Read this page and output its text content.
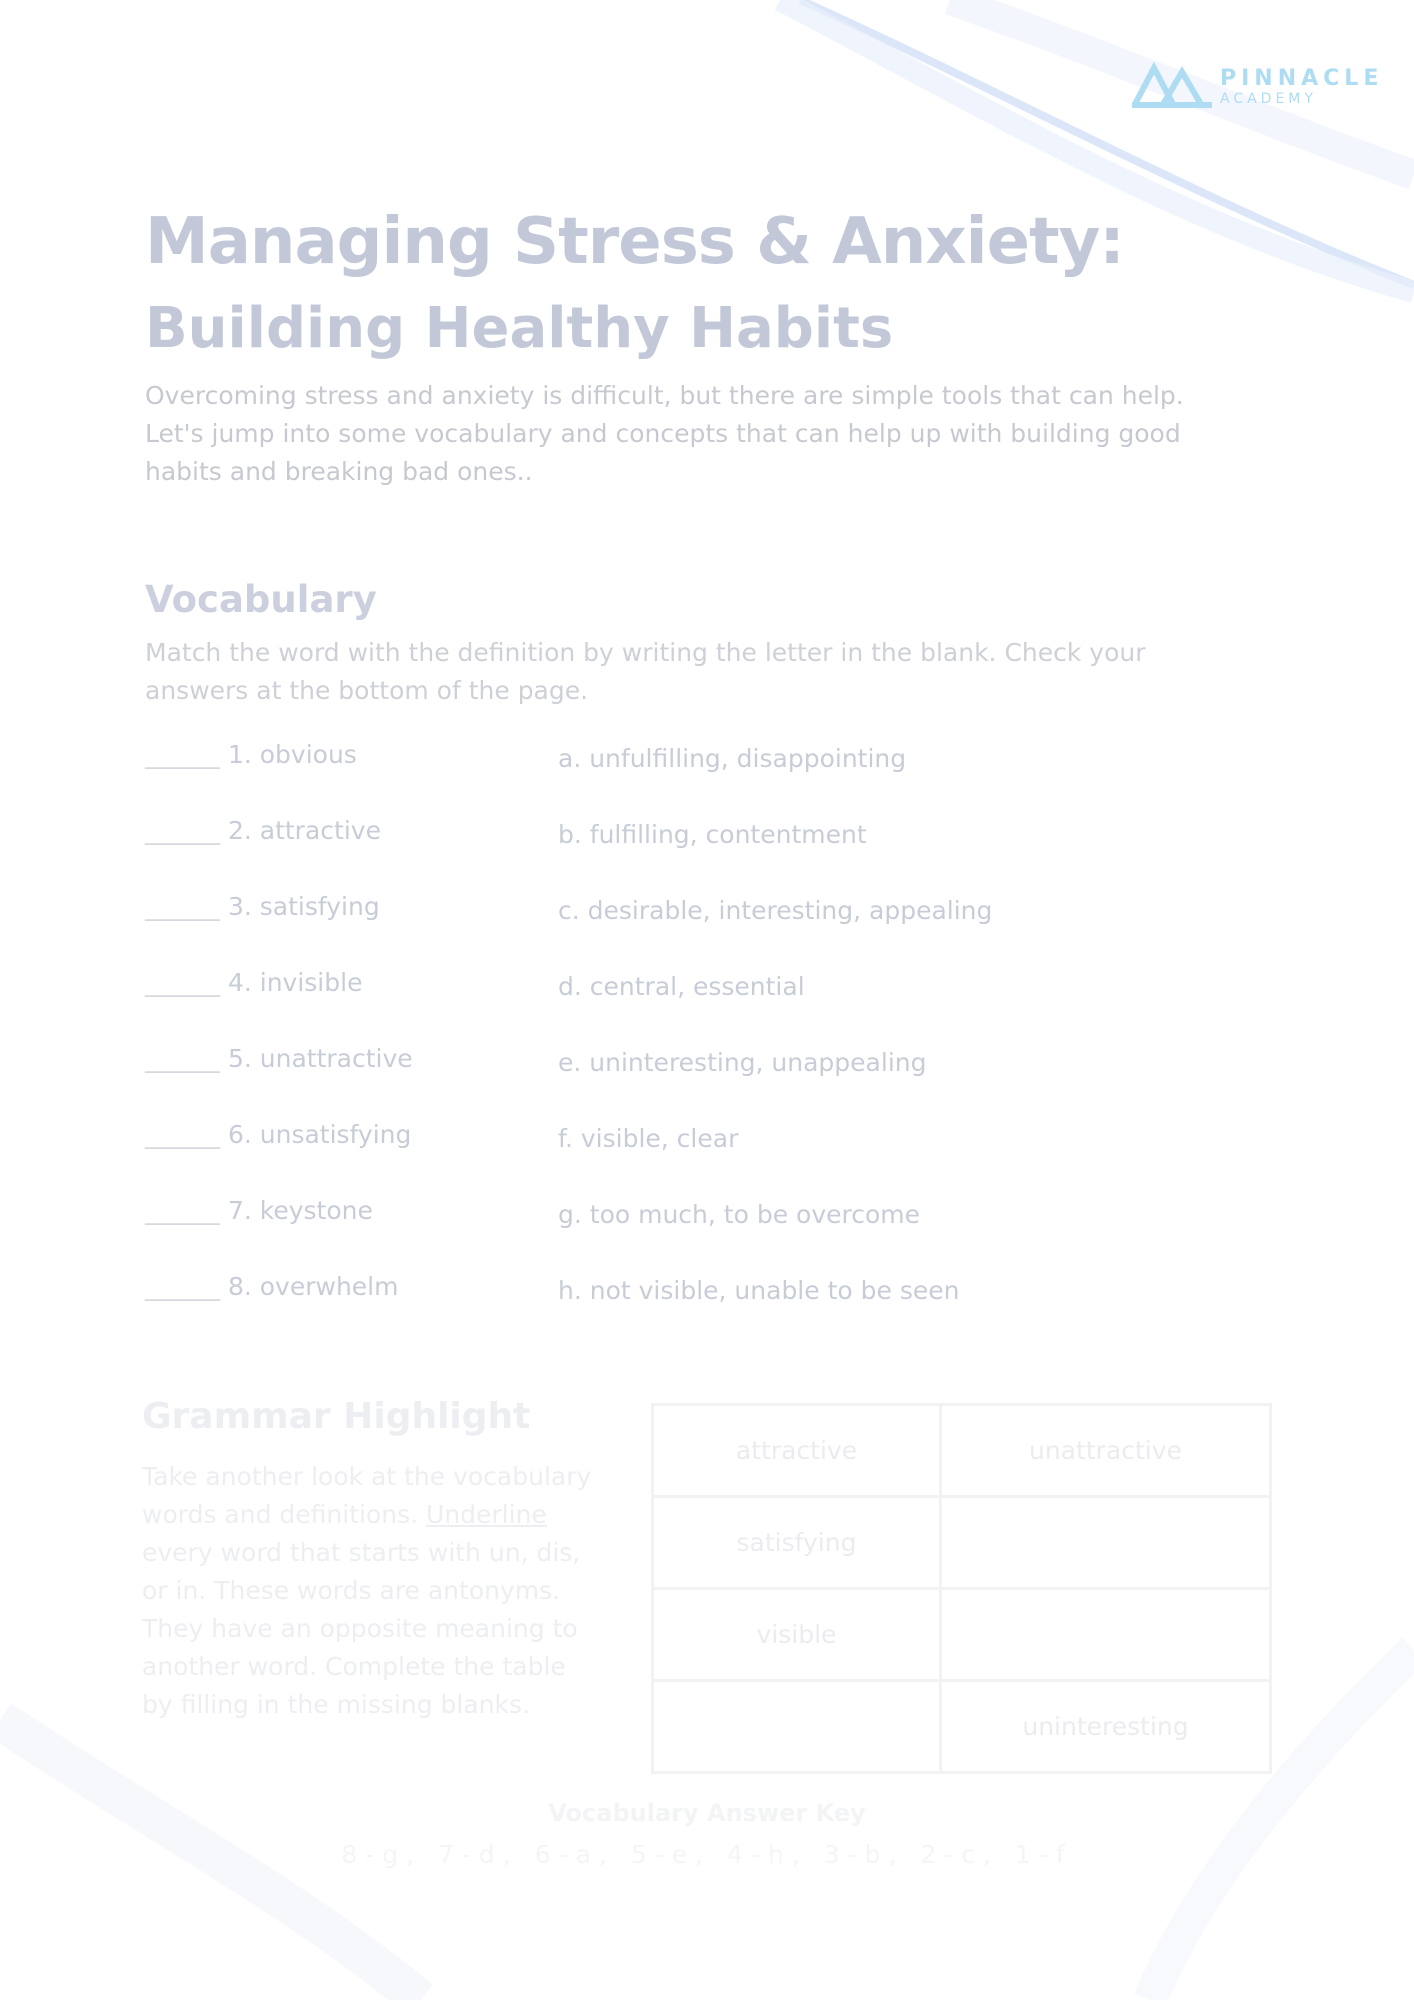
PINNACLE
ACADEMY
Managing Stress & Anxiety:
Building Healthy Habits

Overcoming stress and anxiety is difficult, but there are simple tools that can help. Let's jump into some vocabulary and concepts that can help up with building good habits and breaking bad ones..

Vocabulary

Match the word with the definition by writing the letter in the blank. Check your answers at the bottom of the page.

______ 1. obvious	a. unfulfilling, disappointing
______ 2. attractive	b. fulfilling, contentment
______ 3. satisfying	c. desirable, interesting, appealing
______ 4. invisible	d. central, essential
______ 5. unattractive	e. uninteresting, unappealing
______ 6. unsatisfying	f. visible, clear
______ 7. keystone	g. too much, to be overcome
______ 8. overwhelm	h. not visible, unable to be seen
Grammar Highlight

Take another look at the vocabulary words and definitions. Underline every word that starts with un, dis, or in. These words are antonyms. They have an opposite meaning to another word. Complete the table by filling in the missing blanks.

attractive	unattractive
satisfying	
visible	
	uninteresting
Vocabulary Answer Key

8-g, 7-d, 6-a, 5-e, 4-h, 3-b, 2-c, 1-f
